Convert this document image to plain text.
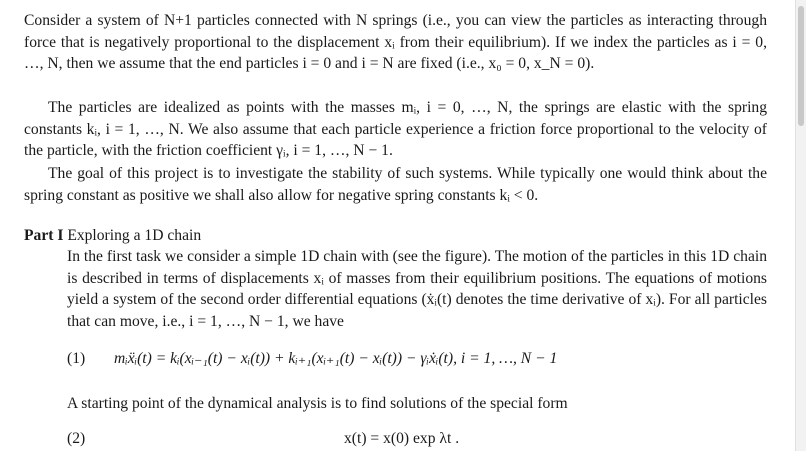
Consider a system of N+1 particles connected with N springs (i.e., you can view the particles as interacting through force that is negatively proportional to the displacement xᵢ from their equilibrium). If we index the particles as i = 0, …, N, then we assume that the end particles i = 0 and i = N are fixed (i.e., x₀ = 0, x_N = 0).

The particles are idealized as points with the masses mᵢ, i = 0, …, N, the springs are elastic with the spring constants kᵢ, i = 1, …, N. We also assume that each particle experience a friction force proportional to the velocity of the particle, with the friction coefficient γᵢ, i = 1, …, N − 1.

The goal of this project is to investigate the stability of such systems. While typically one would think about the spring constant as positive we shall also allow for negative spring constants kᵢ < 0.

Part I Exploring a 1D chain

In the first task we consider a simple 1D chain with (see the figure). The motion of the particles in this 1D chain is described in terms of displacements xᵢ of masses from their equilibrium positions. The equations of motions yield a system of the second order differential equations (ẋᵢ(t) denotes the time derivative of xᵢ). For all particles that can move, i.e., i = 1, …, N − 1, we have

(1) mᵢẍᵢ(t) = kᵢ(xᵢ₋₁(t) − xᵢ(t)) + kᵢ₊₁(xᵢ₊₁(t) − xᵢ(t)) − γᵢẋᵢ(t), i = 1, …, N − 1

A starting point of the dynamical analysis is to find solutions of the special form

(2)	x(t) = x(0) exp λt .
